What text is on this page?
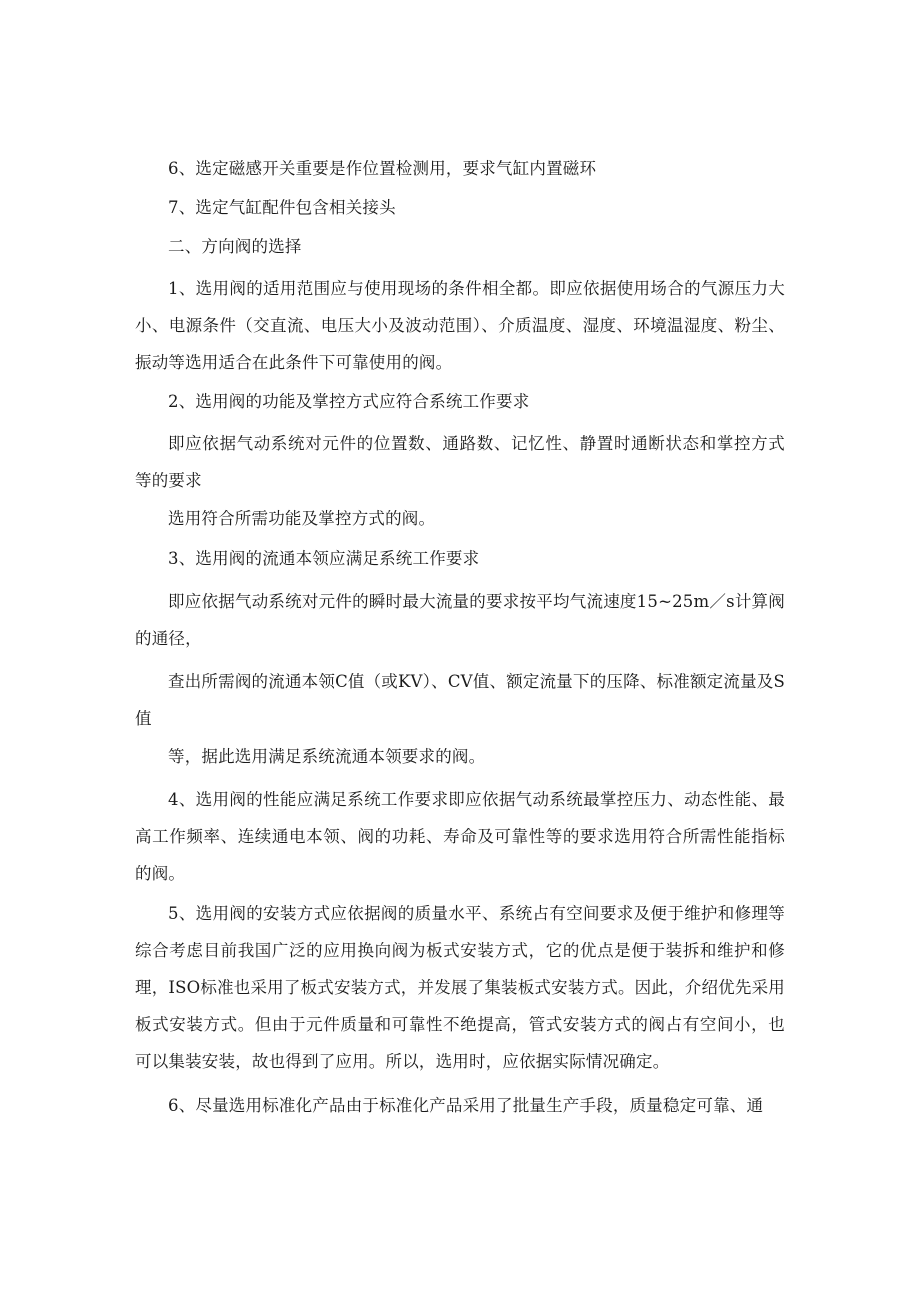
6、选定磁感开关重要是作位置检测用，要求气缸内置磁环

7、选定气缸配件包含相关接头

二、方向阀的选择

1、选用阀的适用范围应与使用现场的条件相全都。即应依据使用场合的气源压力大小、电源条件（交直流、电压大小及波动范围）、介质温度、湿度、环境温湿度、粉尘、振动等选用适合在此条件下可靠使用的阀。

2、选用阀的功能及掌控方式应符合系统工作要求

即应依据气动系统对元件的位置数、通路数、记忆性、静置时通断状态和掌控方式等的要求

选用符合所需功能及掌控方式的阀。

3、选用阀的流通本领应满足系统工作要求

即应依据气动系统对元件的瞬时最大流量的要求按平均气流速度15~25m／s计算阀的通径，

查出所需阀的流通本领C值（或KV）、CV值、额定流量下的压降、标准额定流量及S值

等，据此选用满足系统流通本领要求的阀。

4、选用阀的性能应满足系统工作要求即应依据气动系统最掌控压力、动态性能、最高工作频率、连续通电本领、阀的功耗、寿命及可靠性等的要求选用符合所需性能指标的阀。

5、选用阀的安装方式应依据阀的质量水平、系统占有空间要求及便于维护和修理等综合考虑目前我国广泛的应用换向阀为板式安装方式，它的优点是便于装拆和维护和修理，ISO标准也采用了板式安装方式，并发展了集装板式安装方式。因此，介绍优先采用板式安装方式。但由于元件质量和可靠性不绝提高，管式安装方式的阀占有空间小，也可以集装安装，故也得到了应用。所以，选用时，应依据实际情况确定。

6、尽量选用标准化产品由于标准化产品采用了批量生产手段，质量稳定可靠、通
